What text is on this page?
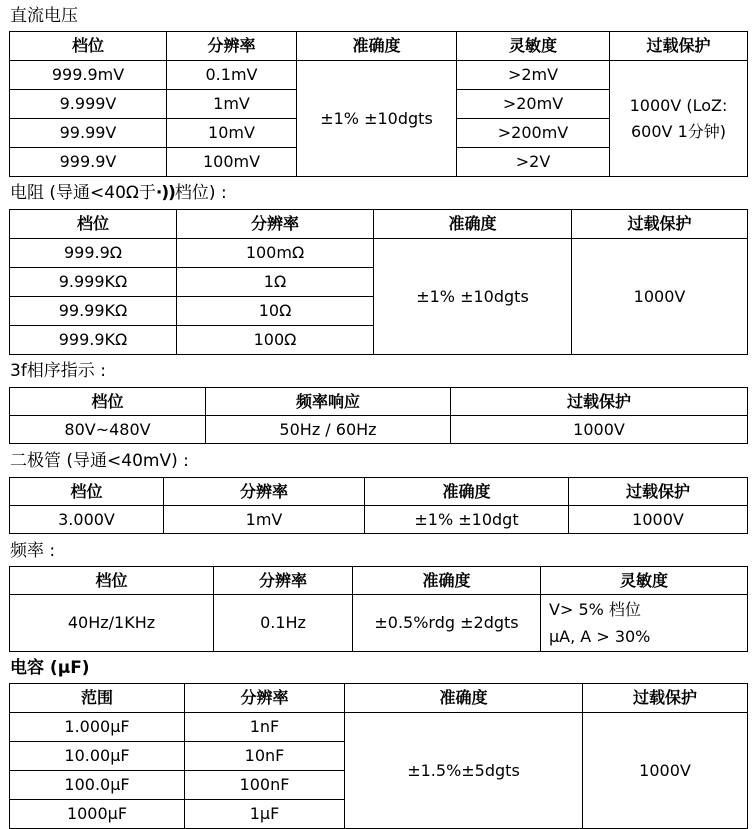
直流电压
档位	分辨率	准确度	灵敏度	过载保护
999.9mV	0.1mV	±1% ±10dgts	>2mV	1000V (LoZ: 600V 1分钟)
9.999V	1mV		>20mV	
99.99V	10mV		>200mV	
999.9V	100mV		>2V	
电阻 (导通<40Ω于·))档位) :
档位	分辨率	准确度	过载保护
999.9Ω	100mΩ	±1% ±10dgts	1000V
9.999KΩ	1Ω		
99.99KΩ	10Ω		
999.9KΩ	100Ω		
3f相序指示 :
档位	频率响应	过载保护
80V~480V	50Hz / 60Hz	1000V
二极管 (导通<40mV) :
档位	分辨率	准确度	过载保护
3.000V	1mV	±1% ±10dgt	1000V
频率 :
档位	分辨率	准确度	灵敏度
40Hz/1KHz	0.1Hz	±0.5%rdg ±2dgts	V> 5% 档位
μA, A > 30%
电容 (μF)
范围	分辨率	准确度	过载保护
1.000μF	1nF	±1.5%±5dgts	1000V
10.00μF	10nF		
100.0μF	100nF		
1000μF	1μF		
